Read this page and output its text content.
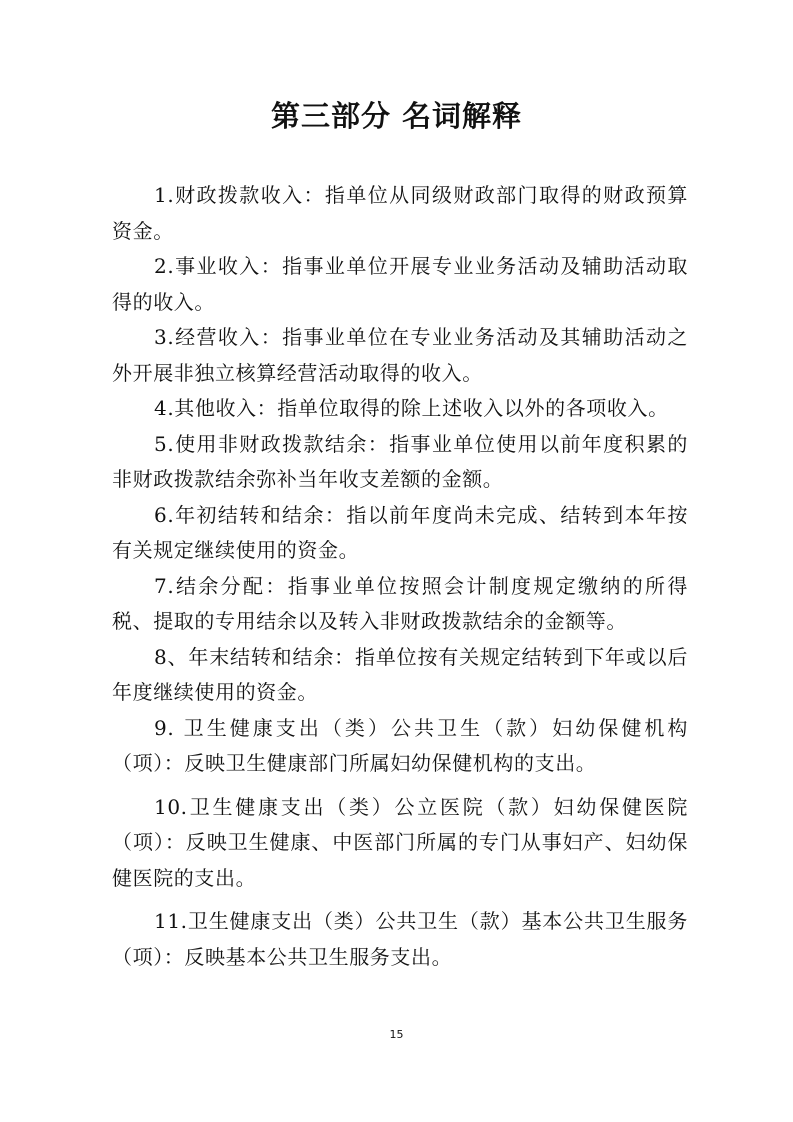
第三部分 名词解释

1.财政拨款收入：指单位从同级财政部门取得的财政预算资金。

2.事业收入：指事业单位开展专业业务活动及辅助活动取得的收入。

3.经营收入：指事业单位在专业业务活动及其辅助活动之外开展非独立核算经营活动取得的收入。

4.其他收入：指单位取得的除上述收入以外的各项收入。

5.使用非财政拨款结余：指事业单位使用以前年度积累的非财政拨款结余弥补当年收支差额的金额。

6.年初结转和结余：指以前年度尚未完成、结转到本年按有关规定继续使用的资金。

7.结余分配：指事业单位按照会计制度规定缴纳的所得税、提取的专用结余以及转入非财政拨款结余的金额等。

8、年末结转和结余：指单位按有关规定结转到下年或以后年度继续使用的资金。

9. 卫生健康支出（类）公共卫生（款）妇幼保健机构（项）：反映卫生健康部门所属妇幼保健机构的支出。

10.卫生健康支出（类）公立医院（款）妇幼保健医院（项）：反映卫生健康、中医部门所属的专门从事妇产、妇幼保健医院的支出。

11.卫生健康支出（类）公共卫生（款）基本公共卫生服务（项）：反映基本公共卫生服务支出。

15
